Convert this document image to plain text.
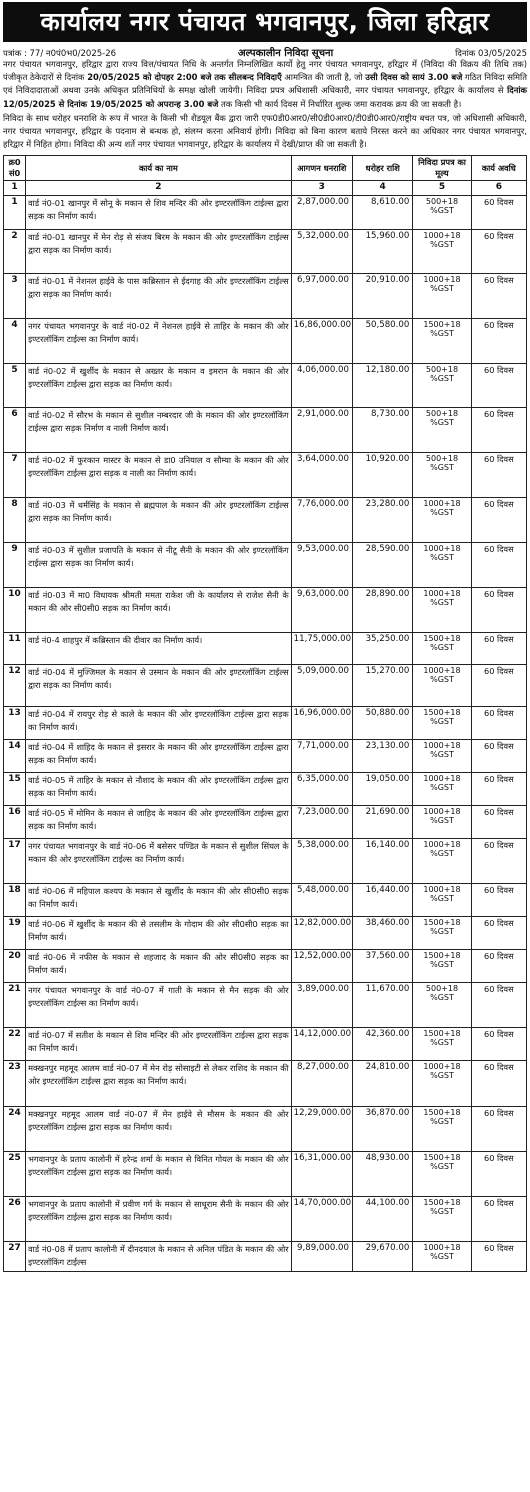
कार्यालय नगर पंचायत भगवानपुर, जिला हरिद्वार
पत्रांक : 77/ न0पं0भ0/2025-26	अल्पकालीन निविदा सूचना	दिनांक 03/05/2025

नगर पंचायत भगवानपुर, हरिद्वार द्वारा राज्य वित्त/पंचायत निधि के अन्तर्गत निम्नलिखित कार्यो हेतु नगर पंचायत भगवानपुर, हरिद्वार में (निविदा की विक्रय की तिथि तक) पंजीकृत ठेकेदारों से दिनांक 20/05/2025 को दोपहर 2:00 बजे तक सीलबन्द निविदाएँ आमन्त्रित की जाती है, जो उसी दिवस को सायं 3.00 बजे गठित निविदा समिति एवं निविदादाताओं अथवा उनके अधिकृत प्रतिनिधियों के समक्ष खोली जायेगी। निविदा प्रपत्र अधिशासी अधिकारी, नगर पंचायत भगवानपुर, हरिद्वार के कार्यालय से दिनांक 12/05/2025 से दिनांक 19/05/2025 को अपरान्ह 3.00 बजे तक किसी भी कार्य दिवस में निर्धारित शुल्क जमा करावक क्रय की जा सकती है।

निविदा के साथ धरोहर धनराशि के रूप में भारत के किसी भी शैडयूल बैंक द्वारा जारी एफ0डी0आर0/सी0डी0आर0/टी0डी0आर0/राष्ट्रीय बचत पत्र, जो अधिशासी अधिकारी, नगर पंचायत भगवानपुर, हरिद्वार के पदनाम से बन्धक हो, संलग्न करना अनिवार्य होगी। निविदा को बिना कारण बताये निरस्त करने का अधिकार नगर पंचायत भगवानपुर, हरिद्वार में निहित होगा। निविदा की अन्य शर्ते नगर पंचायत भगवानपुर, हरिद्वार के कार्यालय में देखी/प्राप्त की जा सकती है।

क्र0 सं0	कार्य का नाम	आगणन धनराशि	धरोहर राशि	निविदा प्रपत्र का मूल्य	कार्य अवधि
1	2	3	4	5	6
1	वार्ड नं0-01 खानपुर में सोनू के मकान से शिव मन्दिर की ओर इण्टरलॉकिंग टाईल्स द्वारा सड़क का निर्माण कार्य।	2,87,000.00	8,610.00	500+18 %GST	60 दिवस
2	वार्ड नं0-01 खानपुर में मेन रोड़ से संजय बिरम के मकान की ओर इण्टरलॉकिंग टाईल्स द्वारा सड़क का निर्माण कार्य।	5,32,000.00	15,960.00	1000+18 %GST	60 दिवस
3	वार्ड नं0-01 में नेशनल हाईवे के पास कब्रिस्तान से ईदगाह की ओर इण्टरलॉकिंग टाईल्स द्वारा सड़क का निर्माण कार्य।	6,97,000.00	20,910.00	1000+18 %GST	60 दिवस
4	नगर पंचायत भगवानपुर के वार्ड नं0-02 में नेशनल हाईवे से ताहिर के मकान की ओर इण्टरलॉकिंग टाईल्स का निर्माण कार्य।	16,86,000.00	50,580.00	1500+18 %GST	60 दिवस
5	वार्ड नं0-02 में खुर्शीद के मकान से अख्तर के मकान व इमरान के मकान की ओर इण्टरलॉकिंग टाईल्स द्वारा सड़क का निर्माण कार्य।	4,06,000.00	12,180.00	500+18 %GST	60 दिवस
6	वार्ड नं0-02 में सौरभ के मकान से सुशील नम्बरदार जी के मकान की ओर इण्टरलॉकिंग टाईल्स द्वारा सड़क निर्माण व नाली निर्माण कार्य।	2,91,000.00	8,730.00	500+18 %GST	60 दिवस
7	वार्ड नं0-02 में फुरकान मास्टर के मकान से डा0 उनियाल व सौम्या के मकान की ओर इण्टरलॉकिंग टाईल्स द्वारा सड़क व नाली का निर्माण कार्य।	3,64,000.00	10,920.00	500+18 %GST	60 दिवस
8	वार्ड नं0-03 में धर्मसिंह के मकान से ब्रह्मपाल के मकान की ओर इण्टरलॉकिंग टाईल्स द्वारा सड़क का निर्माण कार्य।	7,76,000.00	23,280.00	1000+18 %GST	60 दिवस
9	वार्ड नं0-03 में सुशील प्रजापति के मकान से नीटू सैनी के मकान की ओर इण्टरलॉकिंग टाईल्स द्वारा सड़क का निर्माण कार्य।	9,53,000.00	28,590.00	1000+18 %GST	60 दिवस
10	वार्ड नं0-03 में मा0 विधायक श्रीमती ममता राकेश जी के कार्यालय से राजेश सैनी के मकान की ओर सी0सी0 सड़क का निर्माण कार्य।	9,63,000.00	28,890.00	1000+18 %GST	60 दिवस
11	वार्ड नं0-4 शाहपुर में कब्रिस्तान की दीवार का निर्माण कार्य।	11,75,000.00	35,250.00	1500+18 %GST	60 दिवस
12	वार्ड नं0-04 में मुज्जिमल के मकान से उस्मान के मकान की ओर इण्टरलॉकिंग टाईल्स द्वारा सड़क का निर्माण कार्य।	5,09,000.00	15,270.00	1000+18 %GST	60 दिवस
13	वार्ड नं0-04 में रायपुर रोड़ से काले के मकान की ओर इण्टरलॉकिंग टाईल्स द्वारा सड़क का निर्माण कार्य।	16,96,000.00	50,880.00	1500+18 %GST	60 दिवस
14	वार्ड नं0-04 में शाहिद के मकान से इसरार के मकान की ओर इण्टरलॉकिंग टाईल्स द्वारा सड़क का निर्माण कार्य।	7,71,000.00	23,130.00	1000+18 %GST	60 दिवस
15	वार्ड नं0-05 में ताहिर के मकान से नौशाद के मकान की ओर इण्टरलॉकिंग टाईल्स द्वारा सड़क का निर्माण कार्य।	6,35,000.00	19,050.00	1000+18 %GST	60 दिवस
16	वार्ड नं0-05 में मोमिन के मकान से जाहिद के मकान की ओर इण्टरलॉकिंग टाईल्स द्वारा सड़क का निर्माण कार्य।	7,23,000.00	21,690.00	1000+18 %GST	60 दिवस
17	नगर पंचायत भगवानपुर के वार्ड नं0-06 में बसेसर पण्डित के मकान से सुशील सिंघल के मकान की ओर इण्टरलॉकिंग टाईल्स का निर्माण कार्य।	5,38,000.00	16,140.00	1000+18 %GST	60 दिवस
18	वार्ड नं0-06 में महिपाल कश्यप के मकान से खुर्शीद के मकान की ओर सी0सी0 सड़क का निर्माण कार्य।	5,48,000.00	16,440.00	1000+18 %GST	60 दिवस
19	वार्ड नं0-06 में खुर्शीद के मकान की से तसलीम के गोदाम की ओर सी0सी0 सड़क का निर्माण कार्य।	12,82,000.00	38,460.00	1500+18 %GST	60 दिवस
20	वार्ड नं0-06 में नफीस के मकान से शहजाद के मकान की ओर सी0सी0 सड़क का निर्माण कार्य।	12,52,000.00	37,560.00	1500+18 %GST	60 दिवस
21	नगर पंचायत भगवानपुर के वार्ड नं0-07 में गाती के मकान से मैन सड़क की ओर इण्टरलॉकिंग टाईल्स का निर्माण कार्य।	3,89,000.00	11,670.00	500+18 %GST	60 दिवस
22	वार्ड नं0-07 में सतीश के मकान से शिव मन्दिर की ओर इण्टरलॉकिंग टाईल्स द्वारा सड़क का निर्माण कार्य।	14,12,000.00	42,360.00	1500+18 %GST	60 दिवस
23	मक्खनपुर महमूद आलम वार्ड नं0-07 में मेन रोड़ सोसाइटी से लेकर राशिद के मकान की ओर इण्टरलॉकिंग टाईल्स द्वारा सड़क का निर्माण कार्य।	8,27,000.00	24,810.00	1000+18 %GST	60 दिवस
24	मक्खनपुर महमूद आलम वार्ड नं0-07 में मेन हाईवे से मौसम के मकान की ओर इण्टरलॉकिंग टाईल्स द्वारा सड़क का निर्माण कार्य।	12,29,000.00	36,870.00	1500+18 %GST	60 दिवस
25	भगवानपुर के प्रताप कालोनी में हरेन्द्र शर्मा के मकान से विनित गोयल के मकान की ओर इण्टरलॉकिंग टाईल्स द्वारा सड़क का निर्माण कार्य।	16,31,000.00	48,930.00	1500+18 %GST	60 दिवस
26	भगवानपुर के प्रताप कालोनी में प्रवीण गर्ग के मकान से साधूराम सैनी के मकान की ओर इण्टरलॉकिंग टाईल्स द्वारा सड़क का निर्माण कार्य।	14,70,000.00	44,100.00	1500+18 %GST	60 दिवस
27	वार्ड नं0-08 में प्रताप कालोनी में दीनदयाल के मकान से अनिल पंडित के मकान की ओर इण्टरलॉकिंग टाईल्स	9,89,000.00	29,670.00	1000+18 %GST	60 दिवस
